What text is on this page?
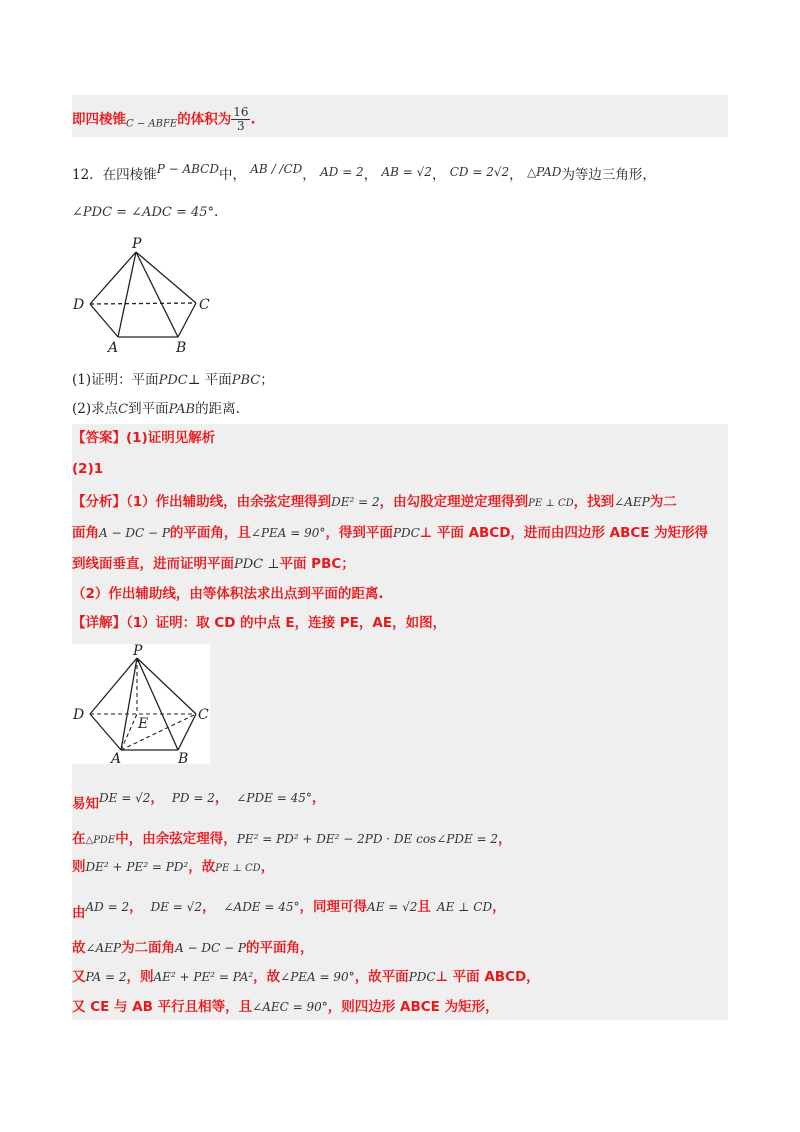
即四棱锥$_{C - ABFE}$的体积为 $\frac{16}{3}$ .
12．在四棱锥P − ABCD中， AB / /CD， AD = 2， AB = √2， CD = 2√2， △PAD为等边三角形，
∠PDC = ∠ADC = 45°.
P
D	C
A	B
(1)证明：平面PDC⊥ 平面PBC；
(2)求点C到平面PAB的距离.
【答案】(1)证明见解析
(2)1
【分析】（1）作出辅助线，由余弦定理得到DE² = 2，由勾股定理逆定理得到PE ⊥ CD，找到∠AEP为二
面角A − DC − P的平面角，且∠PEA = 90°，得到平面PDC⊥ 平面 ABCD，进而由四边形 ABCE 为矩形得
到线面垂直，进而证明平面PDC ⊥平面 PBC；
（2）作出辅助线，由等体积法求出点到平面的距离.
【详解】（1）证明：取 CD 的中点 E，连接 PE，AE，如图，
P
D	C
E
A	B
易知DE = √2， PD = 2， ∠PDE = 45°，
在△PDE中，由余弦定理得，PE² = PD² + DE² − 2PD · DE cos∠PDE = 2，
则DE² + PE² = PD²，故PE ⊥ CD，
由AD = 2， DE = √2， ∠ADE = 45°，同理可得AE = √2且 AE ⊥ CD，
故∠AEP为二面角A − DC − P的平面角，
又PA = 2，则AE² + PE² = PA²，故∠PEA = 90°，故平面PDC⊥ 平面 ABCD，
又 CE 与 AB 平行且相等，且∠AEC = 90°，则四边形 ABCE 为矩形，
